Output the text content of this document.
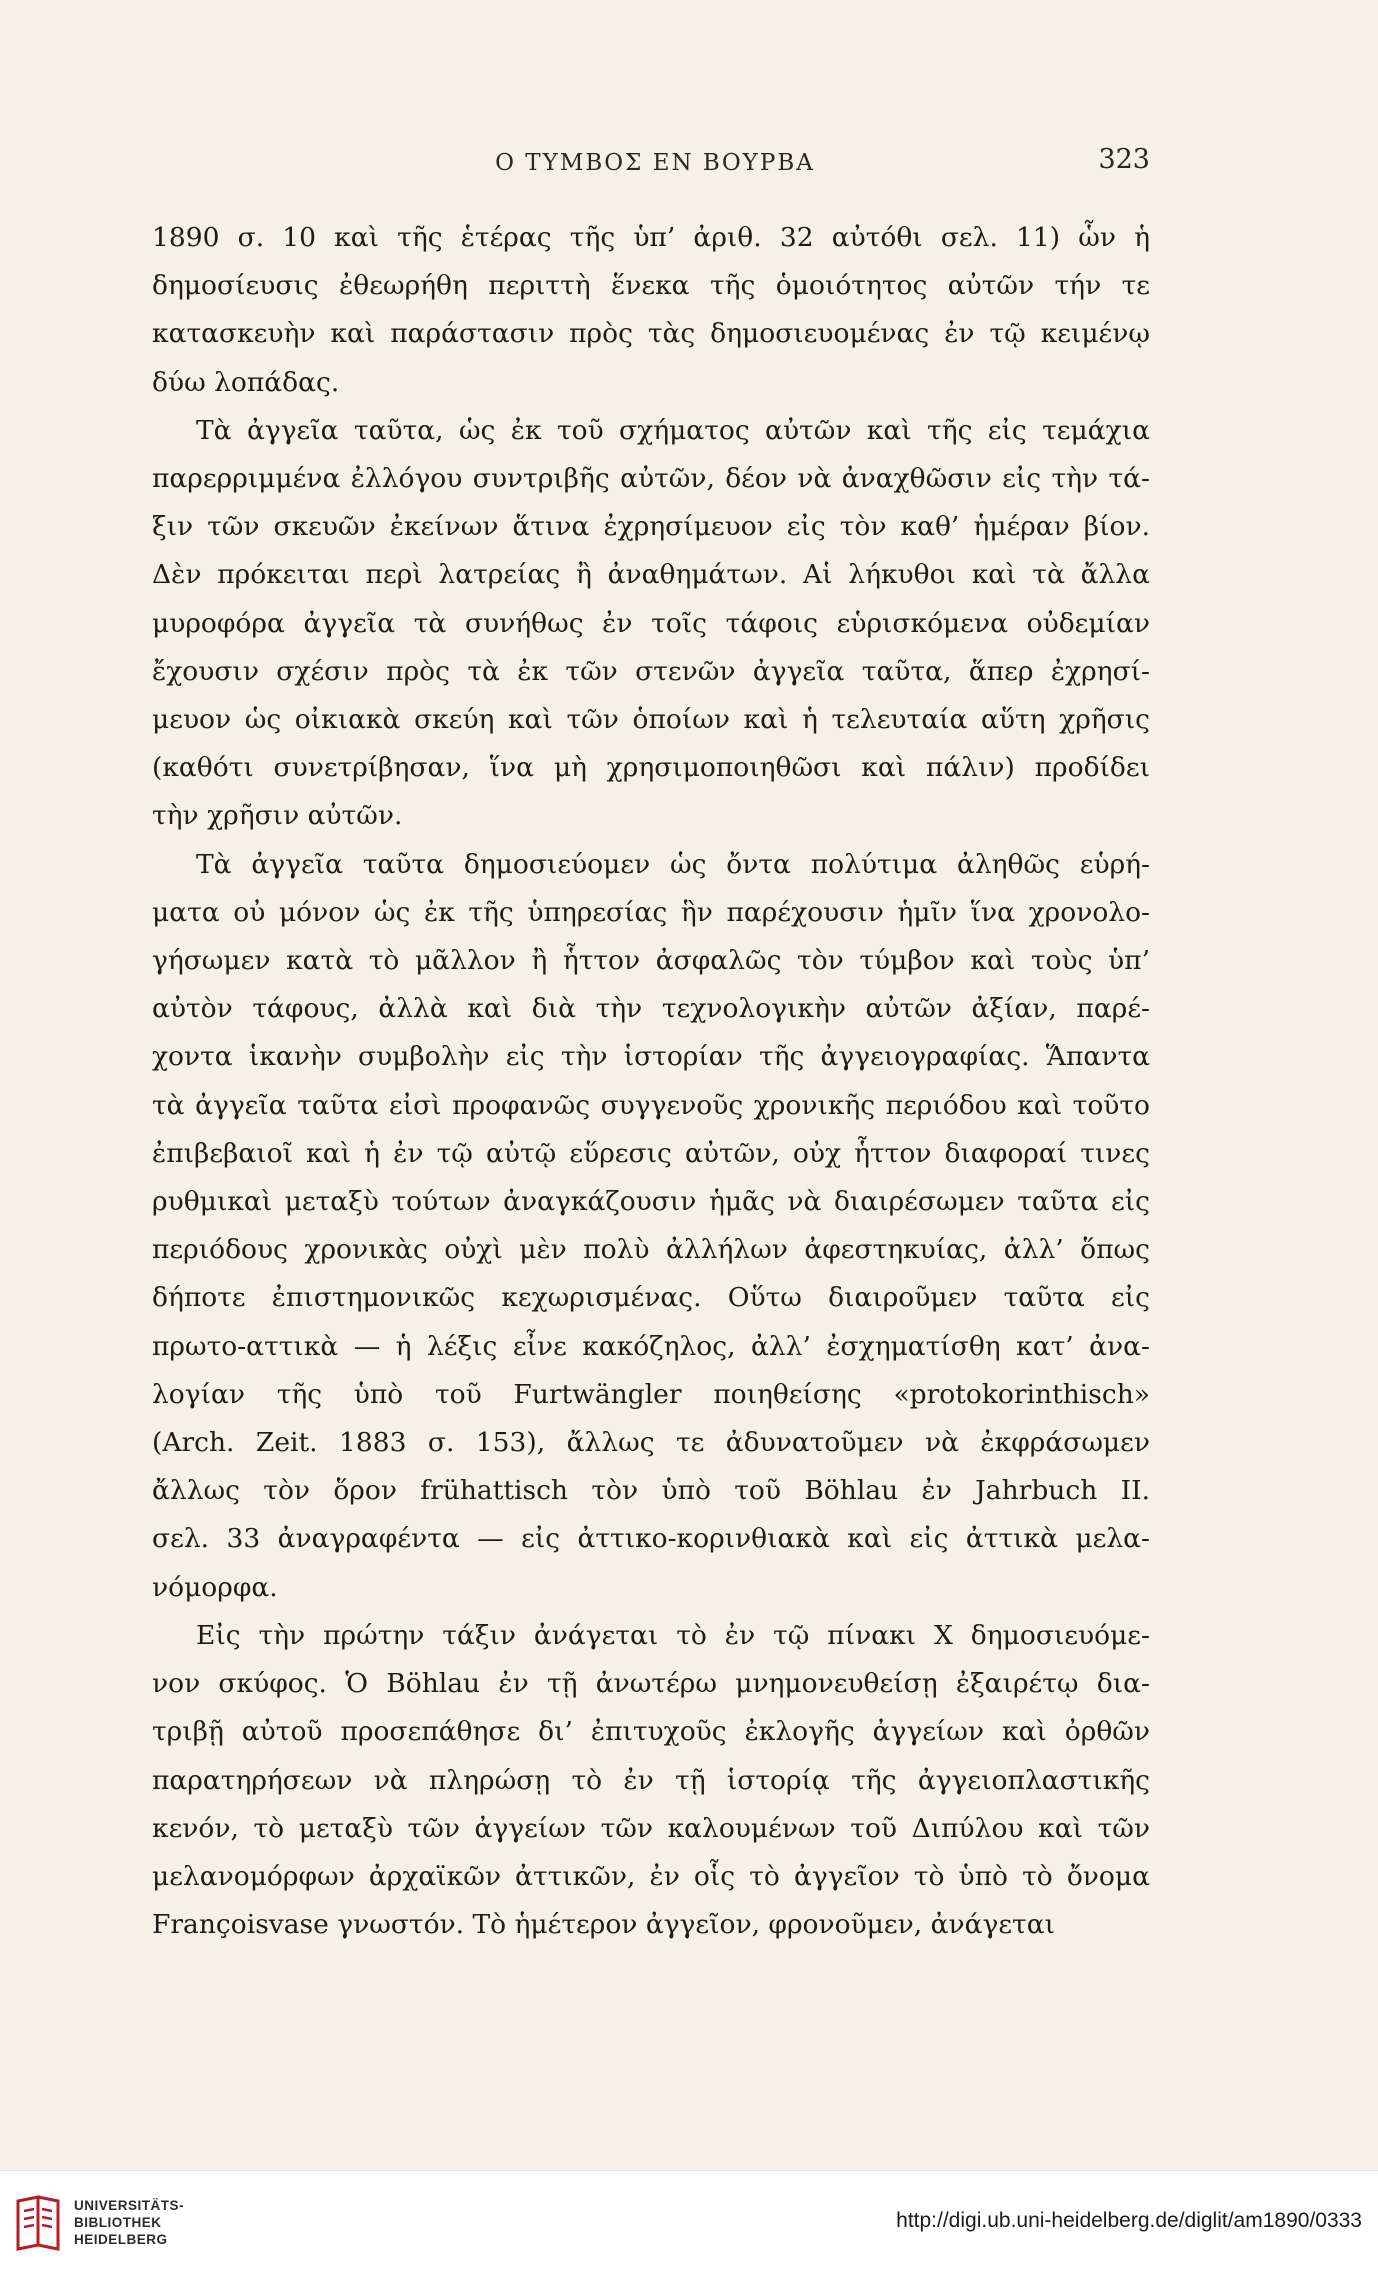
Ο ΤΥΜΒΟΣ ΕΝ ΒΟΥΡΒΑ	323

1890 σ. 10 καὶ τῆς ἑτέρας τῆς ὑπ’ ἀριθ. 32 αὐτόθι σελ. 11) ὧν ἡ
δημοσίευσις ἐθεωρήθη περιττὴ ἕνεκα τῆς ὁμοιότητος αὐτῶν τήν τε
κατασκευὴν καὶ παράστασιν πρὸς τὰς δημοσιευομένας ἐν τῷ κειμένῳ
δύω λοπάδας.

Τὰ ἀγγεῖα ταῦτα, ὡς ἐκ τοῦ σχήματος αὐτῶν καὶ τῆς εἰς τεμάχια
παρερριμμένα ἐλλόγου συντριβῆς αὐτῶν, δέον νὰ ἀναχθῶσιν εἰς τὴν τά-
ξιν τῶν σκευῶν ἐκείνων ἅτινα ἐχρησίμευον εἰς τὸν καθ’ ἡμέραν βίον.
Δὲν πρόκειται περὶ λατρείας ἢ ἀναθημάτων. Αἱ λήκυθοι καὶ τὰ ἄλλα
μυροφόρα ἀγγεῖα τὰ συνήθως ἐν τοῖς τάφοις εὑρισκόμενα οὐδεμίαν
ἔχουσιν σχέσιν πρὸς τὰ ἐκ τῶν στενῶν ἀγγεῖα ταῦτα, ἅπερ ἐχρησί-
μευον ὡς οἰκιακὰ σκεύη καὶ τῶν ὁποίων καὶ ἡ τελευταία αὕτη χρῆσις
(καθότι συνετρίβησαν, ἵνα μὴ χρησιμοποιηθῶσι καὶ πάλιν) προδίδει
τὴν χρῆσιν αὐτῶν.

Τὰ ἀγγεῖα ταῦτα δημοσιεύομεν ὡς ὄντα πολύτιμα ἀληθῶς εὑρή-
ματα οὐ μόνον ὡς ἐκ τῆς ὑπηρεσίας ἣν παρέχουσιν ἡμῖν ἵνα χρονολο-
γήσωμεν κατὰ τὸ μᾶλλον ἢ ἧττον ἀσφαλῶς τὸν τύμβον καὶ τοὺς ὑπ’
αὐτὸν τάφους, ἀλλὰ καὶ διὰ τὴν τεχνολογικὴν αὐτῶν ἀξίαν, παρέ-
χοντα ἱκανὴν συμβολὴν εἰς τὴν ἱστορίαν τῆς ἀγγειογραφίας. Ἅπαντα
τὰ ἀγγεῖα ταῦτα εἰσὶ προφανῶς συγγενοῦς χρονικῆς περιόδου καὶ τοῦτο
ἐπιβεβαιοῖ καὶ ἡ ἐν τῷ αὐτῷ εὕρεσις αὐτῶν, οὐχ ἧττον διαφοραί τινες
ρυθμικαὶ μεταξὺ τούτων ἀναγκάζουσιν ἡμᾶς νὰ διαιρέσωμεν ταῦτα εἰς
περιόδους χρονικὰς οὐχὶ μὲν πολὺ ἀλλήλων ἀφεστηκυίας, ἀλλ’ ὅπως
δήποτε ἐπιστημονικῶς κεχωρισμένας. Οὕτω διαιροῦμεν ταῦτα εἰς
πρωτο-αττικὰ — ἡ λέξις εἶνε κακόζηλος, ἀλλ’ ἐσχηματίσθη κατ’ ἀνα-
λογίαν τῆς ὑπὸ τοῦ Furtwängler ποιηθείσης «protokorinthisch»
(Arch. Zeit. 1883 σ. 153), ἄλλως τε ἀδυνατοῦμεν νὰ ἐκφράσωμεν
ἄλλως τὸν ὅρον frühattisch τὸν ὑπὸ τοῦ Böhlau ἐν Jahrbuch II.
σελ. 33 ἀναγραφέντα — εἰς ἀττικο-κορινθιακὰ καὶ εἰς ἀττικὰ μελα-
νόμορφα.

Εἰς τὴν πρώτην τάξιν ἀνάγεται τὸ ἐν τῷ πίνακι X δημοσιευόμε-
νον σκύφος. Ὁ Böhlau ἐν τῇ ἀνωτέρω μνημονευθείσῃ ἐξαιρέτῳ δια-
τριβῇ αὐτοῦ προσεπάθησε δι’ ἐπιτυχοῦς ἐκλογῆς ἀγγείων καὶ ὀρθῶν
παρατηρήσεων νὰ πληρώσῃ τὸ ἐν τῇ ἱστορίᾳ τῆς ἀγγειοπλαστικῆς
κενόν, τὸ μεταξὺ τῶν ἀγγείων τῶν καλουμένων τοῦ Διπύλου καὶ τῶν
μελανομόρφων ἀρχαϊκῶν ἀττικῶν, ἐν οἷς τὸ ἀγγεῖον τὸ ὑπὸ τὸ ὄνομα
Françoisvase γνωστόν. Τὸ ἡμέτερον ἀγγεῖον, φρονοῦμεν, ἀνάγεται

UNIVERSITÄTS-
BIBLIOTHEK
HEIDELBERG
http://digi.ub.uni-heidelberg.de/diglit/am1890/0333
